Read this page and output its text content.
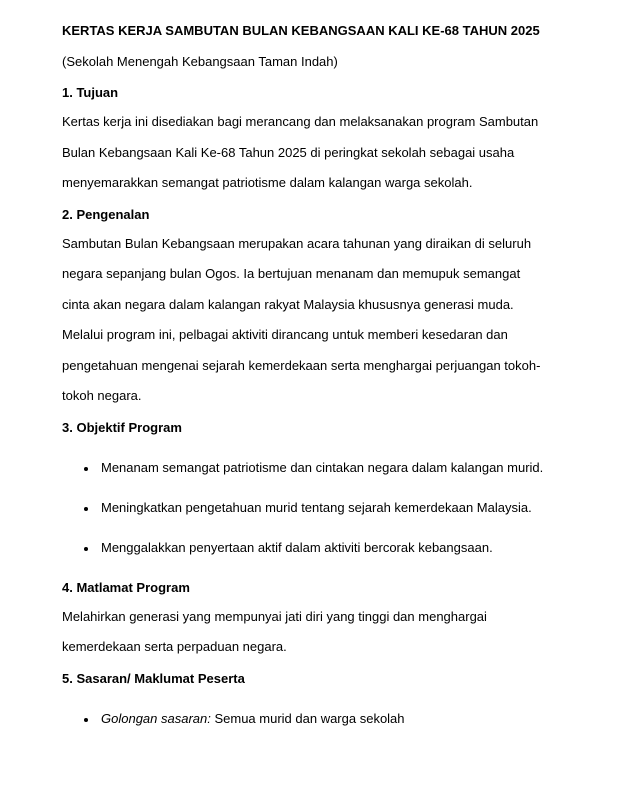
KERTAS KERJA SAMBUTAN BULAN KEBANGSAAN KALI KE-68 TAHUN 2025

(Sekolah Menengah Kebangsaan Taman Indah)

1. Tujuan

Kertas kerja ini disediakan bagi merancang dan melaksanakan program Sambutan

Bulan Kebangsaan Kali Ke-68 Tahun 2025 di peringkat sekolah sebagai usaha

menyemarakkan semangat patriotisme dalam kalangan warga sekolah.

2. Pengenalan

Sambutan Bulan Kebangsaan merupakan acara tahunan yang diraikan di seluruh

negara sepanjang bulan Ogos. Ia bertujuan menanam dan memupuk semangat

cinta akan negara dalam kalangan rakyat Malaysia khususnya generasi muda.

Melalui program ini, pelbagai aktiviti dirancang untuk memberi kesedaran dan

pengetahuan mengenai sejarah kemerdekaan serta menghargai perjuangan tokoh-

tokoh negara.

3. Objektif Program

Menanam semangat patriotisme dan cintakan negara dalam kalangan murid.
Meningkatkan pengetahuan murid tentang sejarah kemerdekaan Malaysia.
Menggalakkan penyertaan aktif dalam aktiviti bercorak kebangsaan.

4. Matlamat Program

Melahirkan generasi yang mempunyai jati diri yang tinggi dan menghargai

kemerdekaan serta perpaduan negara.

5. Sasaran/ Maklumat Peserta

Golongan sasaran: Semua murid dan warga sekolah
